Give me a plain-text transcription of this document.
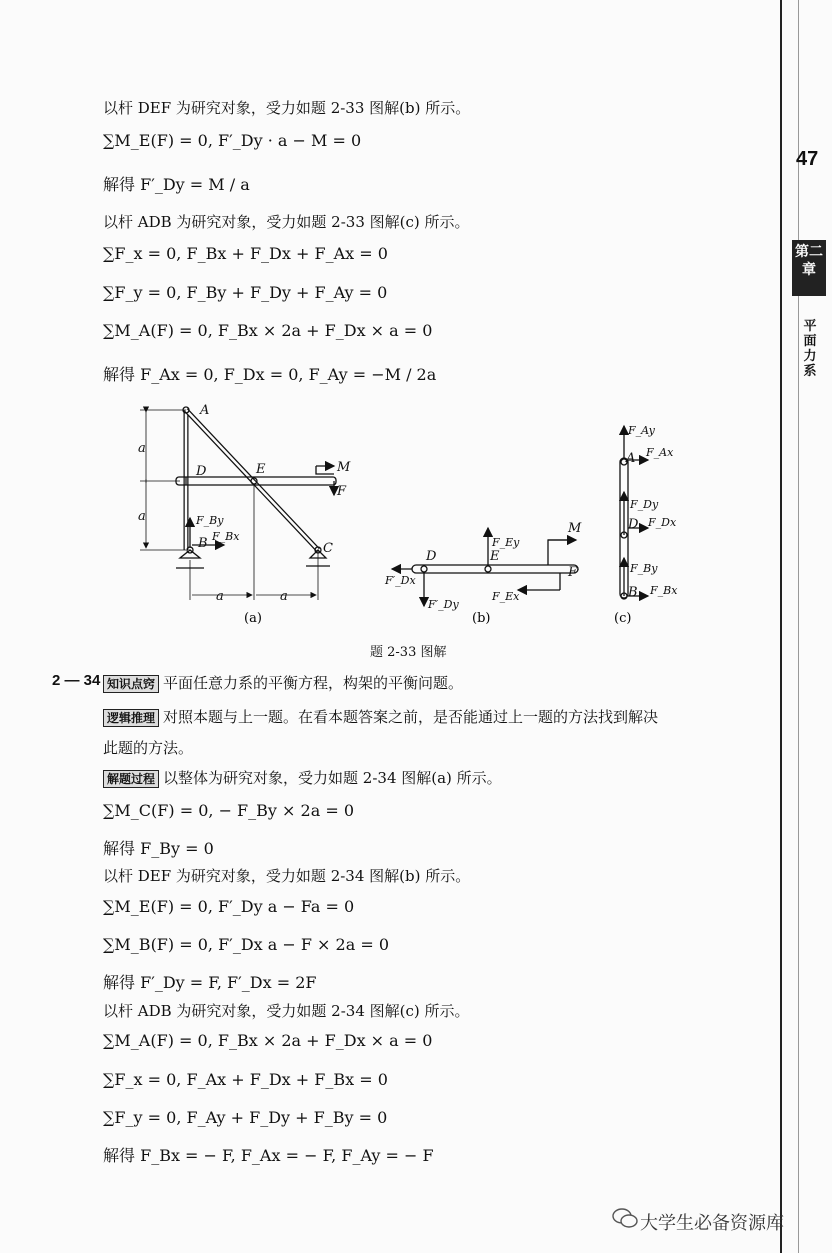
47
第二章
平面力系
以杆 DEF 为研究对象，受力如题 2-33 图解(b) 所示。
∑M_E(F) = 0, F′_Dy · a − M = 0
解得 F′_Dy = M / a
以杆 ADB 为研究对象，受力如题 2-33 图解(c) 所示。
∑F_x = 0, F_Bx + F_Dx + F_Ax = 0
∑F_y = 0, F_By + F_Dy + F_Ay = 0
∑M_A(F) = 0, F_Bx × 2a + F_Dx × a = 0
解得 F_Ax = 0, F_Dx = 0, F_Ay = −M / 2a
A
D	E	M
F
F_By
B F_Bx
C
a
a
a	a
(a)
D	E
F_Ey
M
F
F′_Dx
F′_Dy
F_Ex
(b)
F_Ay
A F_Ax
F_Dy
D F_Dx
F_By
B F_Bx
(c)
题 2-33 图解
2 — 34 知识点窍 平面任意力系的平衡方程，构架的平衡问题。
逻辑推理 对照本题与上一题。在看本题答案之前，是否能通过上一题的方法找到解决
此题的方法。
解题过程 以整体为研究对象，受力如题 2-34 图解(a) 所示。
∑M_C(F) = 0, − F_By × 2a = 0
解得 F_By = 0
以杆 DEF 为研究对象，受力如题 2-34 图解(b) 所示。
∑M_E(F) = 0, F′_Dy a − Fa = 0
∑M_B(F) = 0, F′_Dx a − F × 2a = 0
解得 F′_Dy = F, F′_Dx = 2F
以杆 ADB 为研究对象，受力如题 2-34 图解(c) 所示。
∑M_A(F) = 0, F_Bx × 2a + F_Dx × a = 0
∑F_x = 0, F_Ax + F_Dx + F_Bx = 0
∑F_y = 0, F_Ay + F_Dy + F_By = 0
解得 F_Bx = − F, F_Ax = − F, F_Ay = − F
大学生必备资源库
